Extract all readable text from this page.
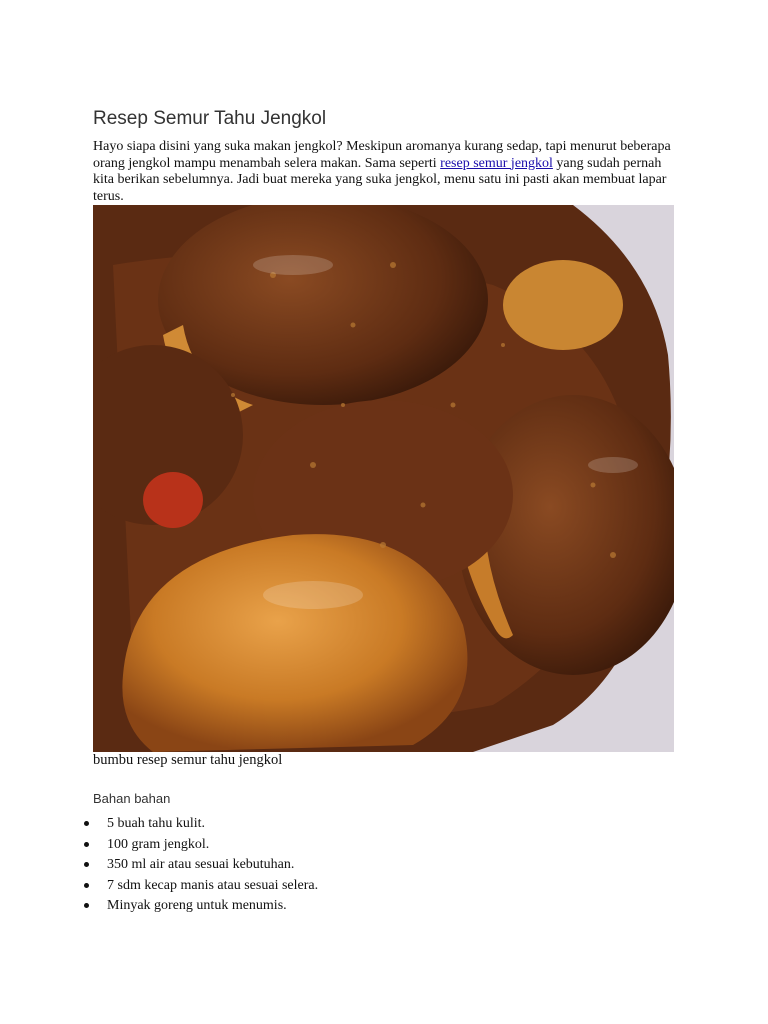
Resep Semur Tahu Jengkol

Hayo siapa disini yang suka makan jengkol? Meskipun aromanya kurang sedap, tapi menurut beberapa orang jengkol mampu menambah selera makan. Sama seperti resep semur jengkol yang sudah pernah kita berikan sebelumnya. Jadi buat mereka yang suka jengkol, menu satu ini pasti akan membuat lapar terus.

bumbu resep semur tahu jengkol

Bahan bahan

5 buah tahu kulit.
100 gram jengkol.
350 ml air atau sesuai kebutuhan.
7 sdm kecap manis atau sesuai selera.
Minyak goreng untuk menumis.
